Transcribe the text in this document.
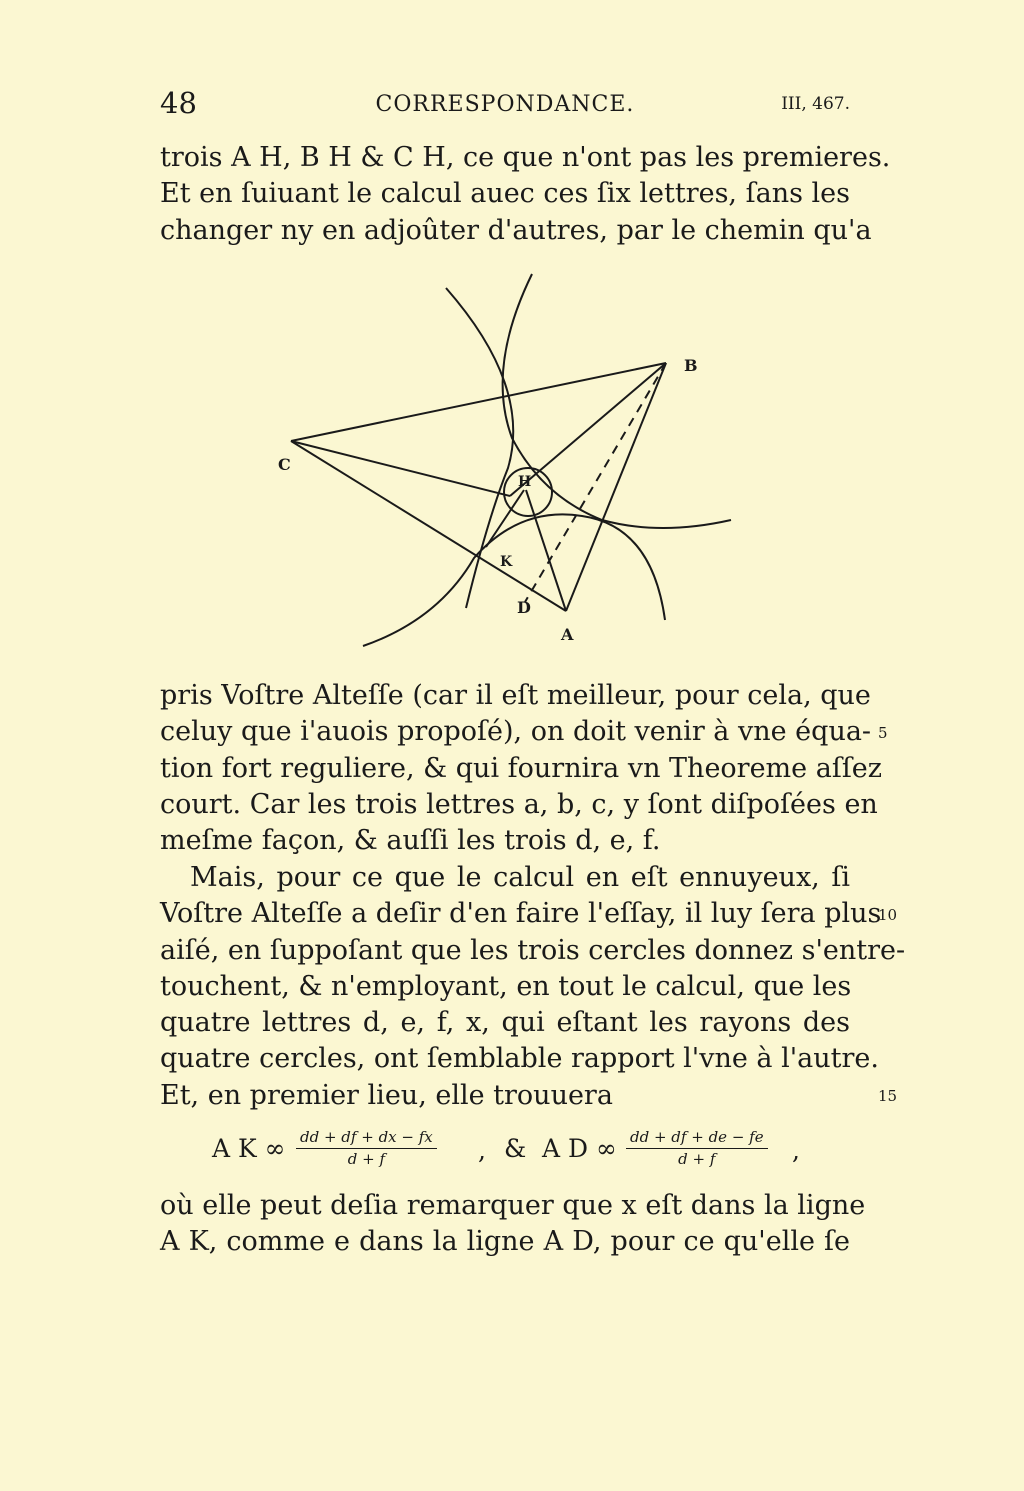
48	CORRESPONDANCE.	III, 467.
trois A H, B H & C H, ce que n'ont pas les premieres.
Et en ſuiuant le calcul auec ces ſix lettres, ſans les
changer ny en adjoûter d'autres, par le chemin qu'a
B
C
H
K
D
A
pris Voſtre Alteſſe (car il eſt meilleur, pour cela, que
celuy que i'auois propoſé), on doit venir à vne équa-
tion fort reguliere, & qui fournira vn Theoreme aſſez
court. Car les trois lettres a, b, c, y ſont diſpoſées en
meſme façon, & auſſi les trois d, e, f.
Mais, pour ce que le calcul en eſt ennuyeux, ſi
Voſtre Alteſſe a deſir d'en faire l'eſſay, il luy ſera plus
aiſé, en ſuppoſant que les trois cercles donnez s'entre-
touchent, & n'employant, en tout le calcul, que les
quatre lettres d, e, f, x, qui eſtant les rayons des
quatre cercles, ont ſemblable rapport l'vne à l'autre.
Et, en premier lieu, elle trouuera
5
10
15
A K ∞ $\frac{dd + df + dx - fx}{d + f}$ , & A D ∞ $\frac{dd + df + de - fe}{d + f}$ ,
où elle peut deſia remarquer que x eſt dans la ligne
A K, comme e dans la ligne A D, pour ce qu'elle ſe
